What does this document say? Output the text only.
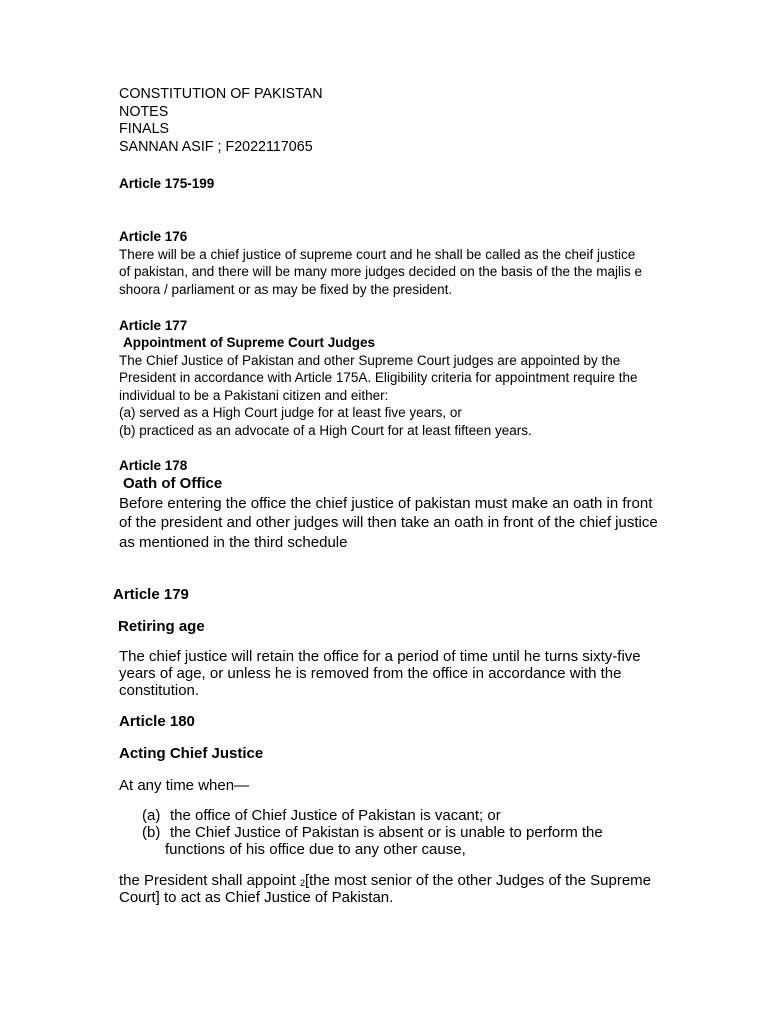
CONSTITUTION OF PAKISTAN
NOTES
FINALS
SANNAN ASIF ; F2022117065
Article 175-199
Article 176
There will be a chief justice of supreme court and he shall be called as the cheif justice
of pakistan, and there will be many more judges decided on the basis of the the majlis e
shoora / parliament or as may be fixed by the president.
Article 177
Appointment of Supreme Court Judges
The Chief Justice of Pakistan and other Supreme Court judges are appointed by the
President in accordance with Article 175A. Eligibility criteria for appointment require the
individual to be a Pakistani citizen and either:
(a) served as a High Court judge for at least five years, or
(b) practiced as an advocate of a High Court for at least fifteen years.
Article 178
Oath of Office
Before entering the office the chief justice of pakistan must make an oath in front
of the president and other judges will then take an oath in front of the chief justice
as mentioned in the third schedule
Article 179
Retiring age
The chief justice will retain the office for a period of time until he turns sixty-five
years of age, or unless he is removed from the office in accordance with the
constitution.
Article 180
Acting Chief Justice
At any time when—
(a) the office of Chief Justice of Pakistan is vacant; or
(b) the Chief Justice of Pakistan is absent or is unable to perform the
functions of his office due to any other cause,
the President shall appoint 2[the most senior of the other Judges of the Supreme
Court] to act as Chief Justice of Pakistan.
